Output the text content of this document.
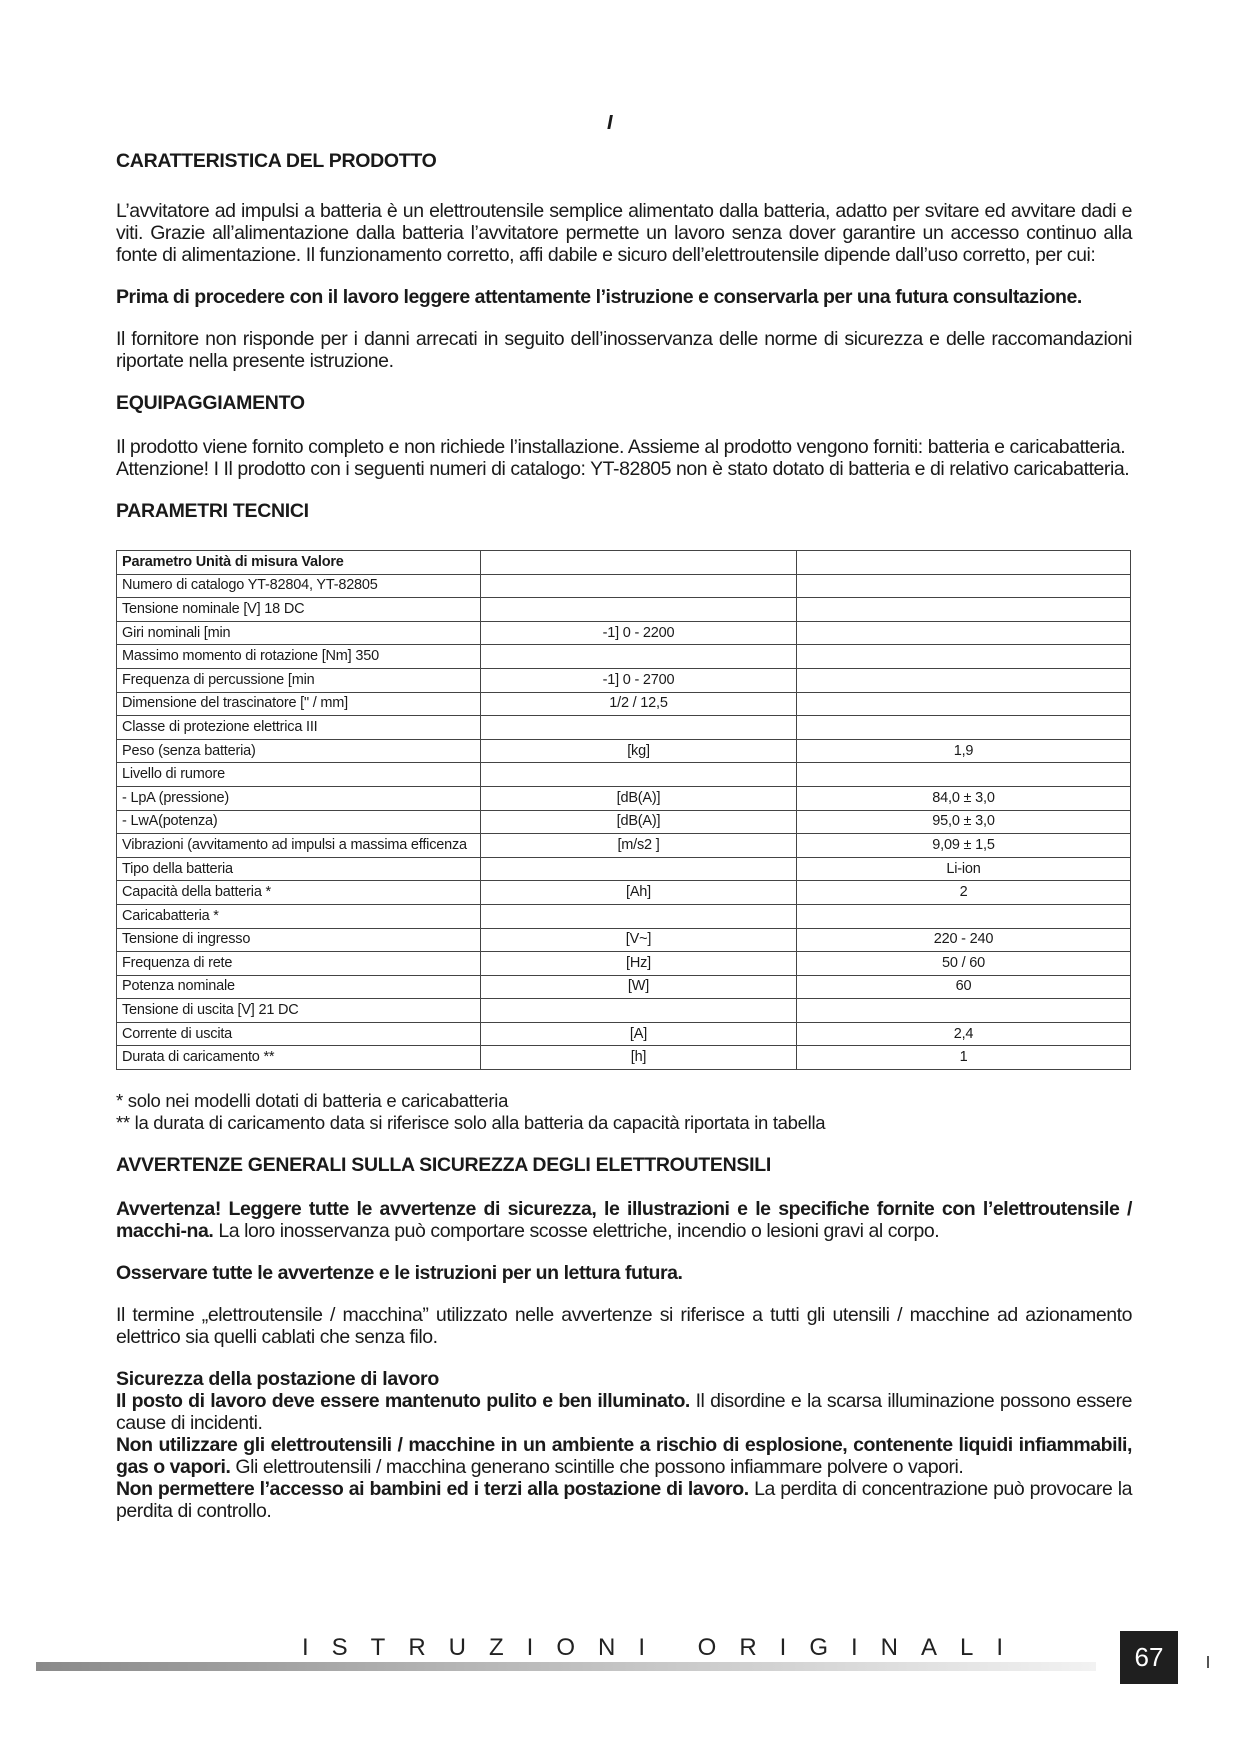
I
CARATTERISTICA DEL PRODOTTO

L’avvitatore ad impulsi a batteria è un elettroutensile semplice alimentato dalla batteria, adatto per svitare ed avvitare dadi e viti. Grazie all’alimentazione dalla batteria l’avvitatore permette un lavoro senza dover garantire un accesso continuo alla fonte di alimentazione. Il funzionamento corretto, affi dabile e sicuro dell’elettroutensile dipende dall’uso corretto, per cui:

Prima di procedere con il lavoro leggere attentamente l’istruzione e conservarla per una futura consultazione.

Il fornitore non risponde per i danni arrecati in seguito dell’inosservanza delle norme di sicurezza e delle raccomandazioni riportate nella presente istruzione.

EQUIPAGGIAMENTO

Il prodotto viene fornito completo e non richiede l’installazione. Assieme al prodotto vengono forniti: batteria e caricabatteria.

Attenzione! I Il prodotto con i seguenti numeri di catalogo: YT-82805 non è stato dotato di batteria e di relativo caricabatteria.

PARAMETRI TECNICI
Parametro Unità di misura Valore		
Numero di catalogo YT-82804, YT-82805		
Tensione nominale [V] 18 DC		
Giri nominali [min	-1] 0 - 2200	
Massimo momento di rotazione [Nm] 350		
Frequenza di percussione [min	-1] 0 - 2700	
Dimensione del trascinatore [" / mm]	1/2 / 12,5	
Classe di protezione elettrica III		
Peso (senza batteria)	[kg]	1,9
Livello di rumore		
- LpA (pressione)	[dB(A)]	84,0 ± 3,0
- LwA(potenza)	[dB(A)]	95,0 ± 3,0
Vibrazioni (avvitamento ad impulsi a massima efficenza	[m/s2 ]	9,09 ± 1,5
Tipo della batteria		Li-ion
Capacità della batteria *	[Ah]	2
Caricabatteria *		
Tensione di ingresso	[V~]	220 - 240
Frequenza di rete	[Hz]	50 / 60
Potenza nominale	[W]	60
Tensione di uscita [V] 21 DC		
Corrente di uscita	[A]	2,4
Durata di caricamento **	[h]	1
* solo nei modelli dotati di batteria e caricabatteria
** la durata di caricamento data si riferisce solo alla batteria da capacità riportata in tabella
AVVERTENZE GENERALI SULLA SICUREZZA DEGLI ELETTROUTENSILI

Avvertenza! Leggere tutte le avvertenze di sicurezza, le illustrazioni e le specifiche fornite con l’elettroutensile / macchi-na. La loro inosservanza può comportare scosse elettriche, incendio o lesioni gravi al corpo.

Osservare tutte le avvertenze e le istruzioni per un lettura futura.

Il termine „elettroutensile / macchina” utilizzato nelle avvertenze si riferisce a tutti gli utensili / macchine ad azionamento elettrico sia quelli cablati che senza filo.

Sicurezza della postazione di lavoro

Il posto di lavoro deve essere mantenuto pulito e ben illuminato. Il disordine e la scarsa illuminazione possono essere cause di incidenti.

Non utilizzare gli elettroutensili / macchine in un ambiente a rischio di esplosione, contenente liquidi infiammabili, gas o vapori. Gli elettroutensili / macchina generano scintille che possono infiammare polvere o vapori.

Non permettere l’accesso ai bambini ed i terzi alla postazione di lavoro. La perdita di concentrazione può provocare la perdita di controllo.

ISTRUZIONI ORIGINALI	67
